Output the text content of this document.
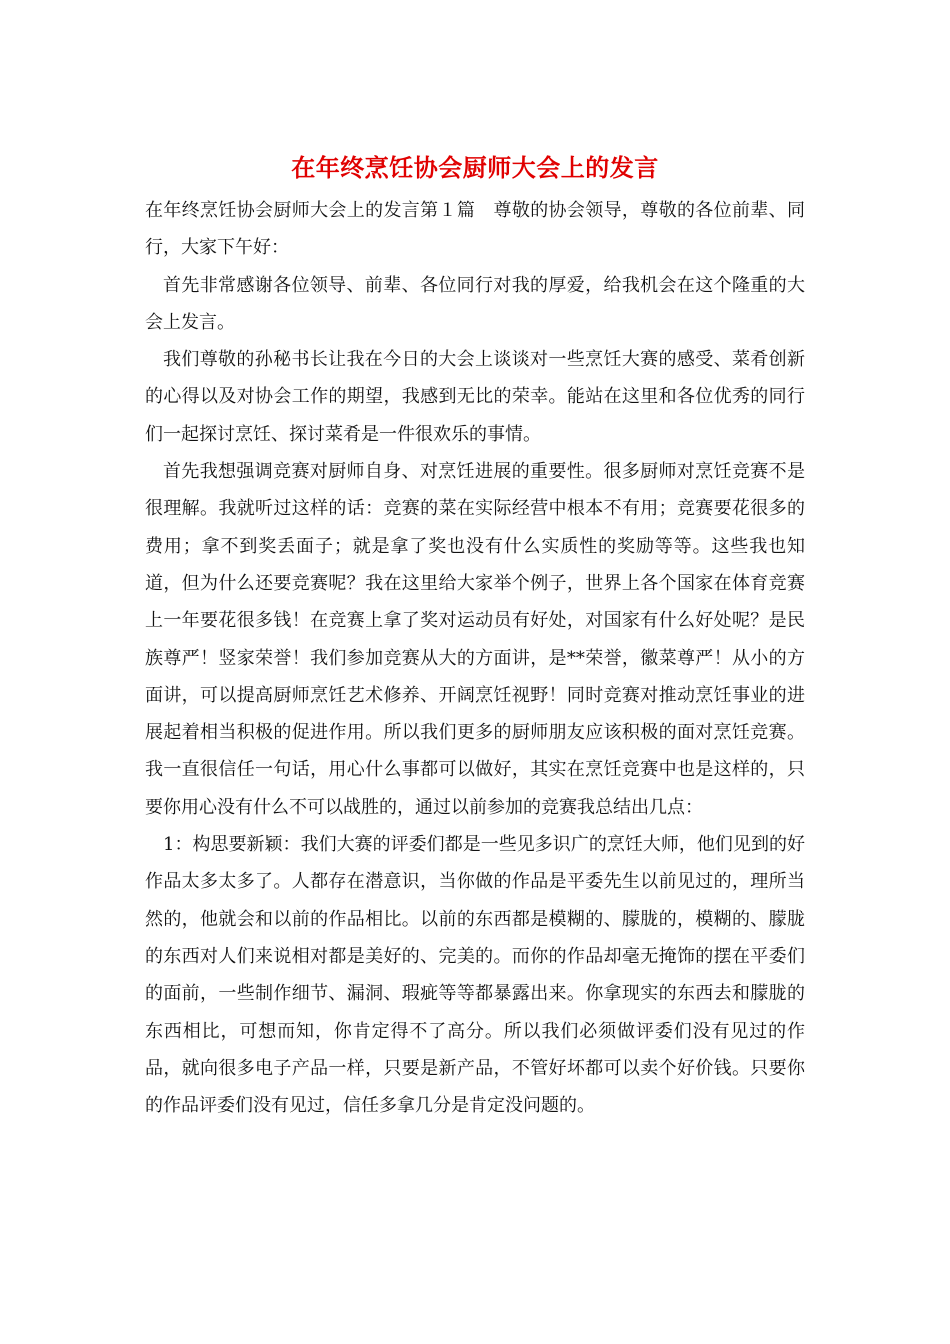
在年终烹饪协会厨师大会上的发言

在年终烹饪协会厨师大会上的发言第１篇　尊敬的协会领导，尊敬的各位前辈、同行，大家下午好：

首先非常感谢各位领导、前辈、各位同行对我的厚爱，给我机会在这个隆重的大会上发言。

我们尊敬的孙秘书长让我在今日的大会上谈谈对一些烹饪大赛的感受、菜肴创新的心得以及对协会工作的期望，我感到无比的荣幸。能站在这里和各位优秀的同行们一起探讨烹饪、探讨菜肴是一件很欢乐的事情。

首先我想强调竞赛对厨师自身、对烹饪进展的重要性。很多厨师对烹饪竞赛不是很理解。我就听过这样的话：竞赛的菜在实际经营中根本不有用；竞赛要花很多的费用；拿不到奖丢面子；就是拿了奖也没有什么实质性的奖励等等。这些我也知道，但为什么还要竞赛呢？我在这里给大家举个例子，世界上各个国家在体育竞赛上一年要花很多钱！在竞赛上拿了奖对运动员有好处，对国家有什么好处呢？是民族尊严！竖家荣誉！我们参加竞赛从大的方面讲，是**荣誉，徽菜尊严！从小的方面讲，可以提高厨师烹饪艺术修养、开阔烹饪视野！同时竞赛对推动烹饪事业的进展起着相当积极的促进作用。所以我们更多的厨师朋友应该积极的面对烹饪竞赛。我一直很信任一句话，用心什么事都可以做好，其实在烹饪竞赛中也是这样的，只要你用心没有什么不可以战胜的，通过以前参加的竞赛我总结出几点：

1：构思要新颖：我们大赛的评委们都是一些见多识广的烹饪大师，他们见到的好作品太多太多了。人都存在潜意识，当你做的作品是平委先生以前见过的，理所当然的，他就会和以前的作品相比。以前的东西都是模糊的、朦胧的，模糊的、朦胧的东西对人们来说相对都是美好的、完美的。而你的作品却毫无掩饰的摆在平委们的面前，一些制作细节、漏洞、瑕疵等等都暴露出来。你拿现实的东西去和朦胧的东西相比，可想而知，你肯定得不了高分。所以我们必须做评委们没有见过的作品，就向很多电子产品一样，只要是新产品，不管好坏都可以卖个好价钱。只要你的作品评委们没有见过，信任多拿几分是肯定没问题的。
